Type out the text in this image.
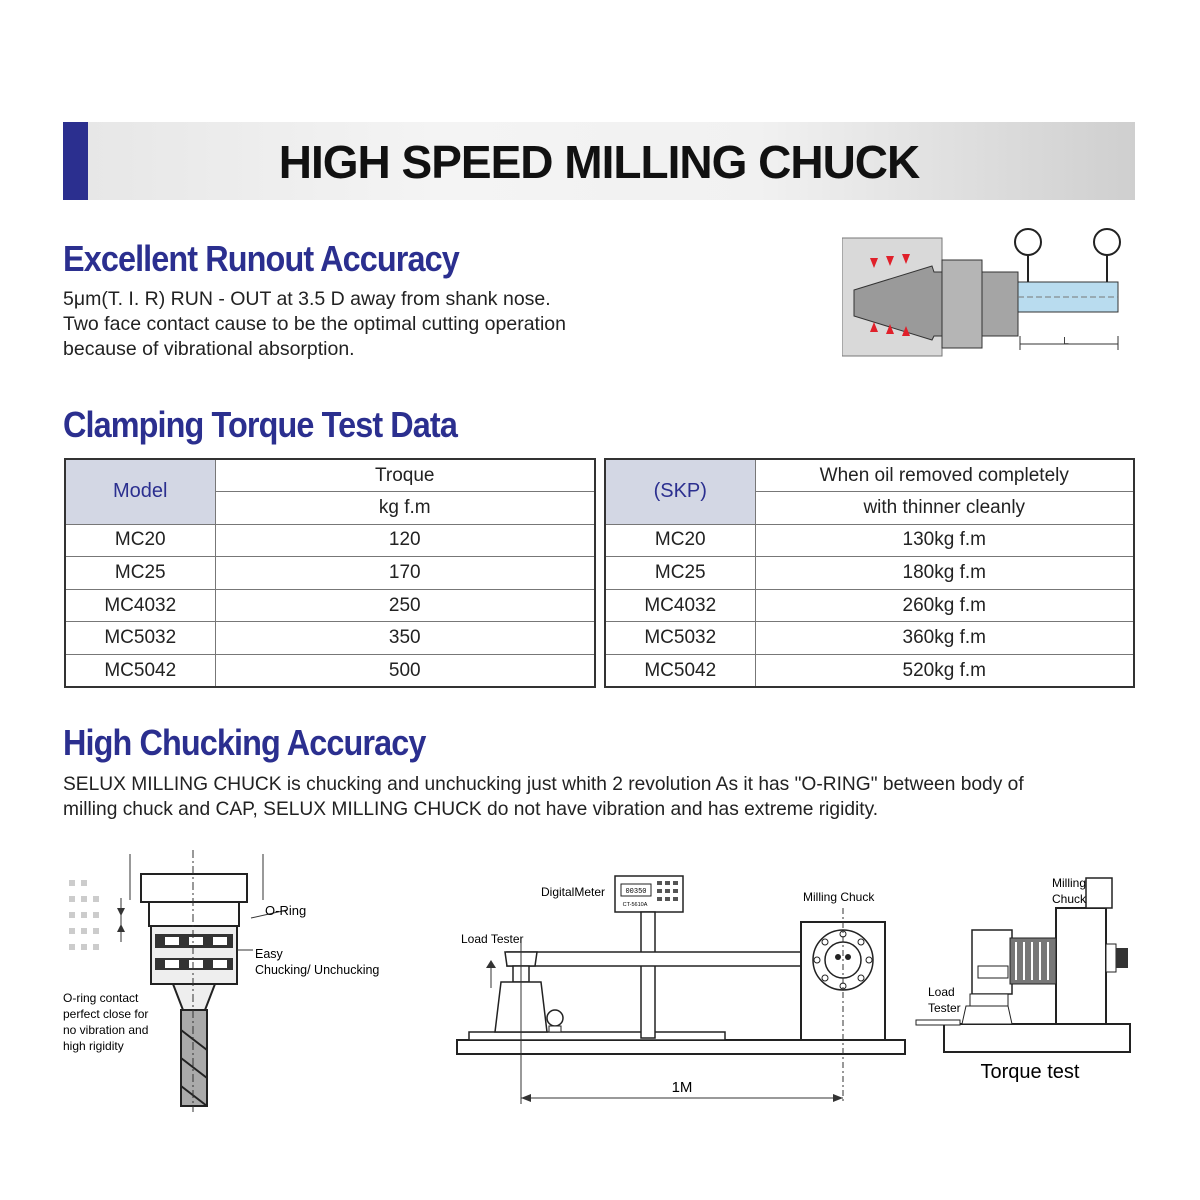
HIGH SPEED MILLING CHUCK
Excellent Runout Accuracy
5μm(T. I. R) RUN - OUT at 3.5 D away from shank nose.
Two face contact cause to be the optimal cutting operation
because of vibrational absorption.	L
Clamping Torque Test Data
Model	Troque
	kg f.m
MC20	120
MC25	170
MC4032	250
MC5032	350
MC5042	500
(SKP)	When oil removed completely
	with thinner cleanly
MC20	130kg f.m
MC25	180kg f.m
MC4032	260kg f.m
MC5032	360kg f.m
MC5042	520kg f.m
High Chucking Accuracy
SELUX MILLING CHUCK is chucking and unchucking just whith 2 revolution As it has "O-RING" between body of
milling chuck and CAP, SELUX MILLING CHUCK do not have vibration and has extreme rigidity.
O-Ring
Easy
Chucking/ Unchucking
O-ring contact
perfect close for
no vibration and
high rigidity
00350
CT-5610A
1M
DigitalMeter
Load Tester
Milling Chuck
Milling
Chuck
Load
Tester
Torque test
